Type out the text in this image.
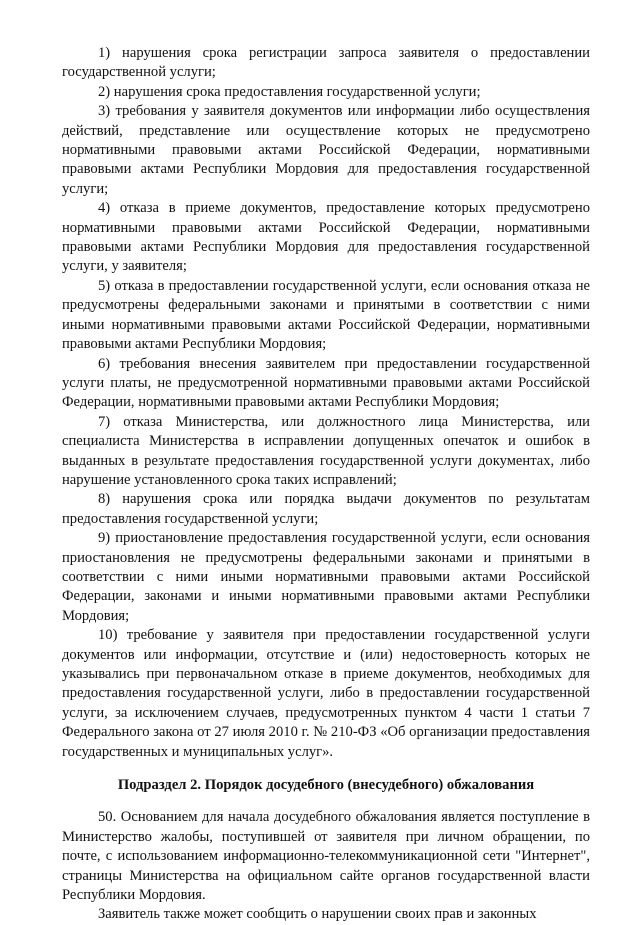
1) нарушения срока регистрации запроса заявителя о предоставлении государственной услуги;

2) нарушения срока предоставления государственной услуги;

3) требования у заявителя документов или информации либо осуществления действий, представление или осуществление которых не предусмотрено нормативными правовыми актами Российской Федерации, нормативными правовыми актами Республики Мордовия для предоставления государственной услуги;

4) отказа в приеме документов, предоставление которых предусмотрено нормативными правовыми актами Российской Федерации, нормативными правовыми актами Республики Мордовия для предоставления государственной услуги, у заявителя;

5) отказа в предоставлении государственной услуги, если основания отказа не предусмотрены федеральными законами и принятыми в соответствии с ними иными нормативными правовыми актами Российской Федерации, нормативными правовыми актами Республики Мордовия;

6) требования внесения заявителем при предоставлении государственной услуги платы, не предусмотренной нормативными правовыми актами Российской Федерации, нормативными правовыми актами Республики Мордовия;

7) отказа Министерства, или должностного лица Министерства, или специалиста Министерства в исправлении допущенных опечаток и ошибок в выданных в результате предоставления государственной услуги документах, либо нарушение установленного срока таких исправлений;

8) нарушения срока или порядка выдачи документов по результатам предоставления государственной услуги;

9) приостановление предоставления государственной услуги, если основания приостановления не предусмотрены федеральными законами и принятыми в соответствии с ними иными нормативными правовыми актами Российской Федерации, законами и иными нормативными правовыми актами Республики Мордовия;

10) требование у заявителя при предоставлении государственной услуги документов или информации, отсутствие и (или) недостоверность которых не указывались при первоначальном отказе в приеме документов, необходимых для предоставления государственной услуги, либо в предоставлении государственной услуги, за исключением случаев, предусмотренных пунктом 4 части 1 статьи 7 Федерального закона от 27 июля 2010 г. № 210-ФЗ «Об организации предоставления государственных и муниципальных услуг».

Подраздел 2. Порядок досудебного (внесудебного) обжалования

50. Основанием для начала досудебного обжалования является поступление в Министерство жалобы, поступившей от заявителя при личном обращении, по почте, с использованием информационно-телекоммуникационной сети "Интернет", страницы Министерства на официальном сайте органов государственной власти Республики Мордовия.

Заявитель также может сообщить о нарушении своих прав и законных
